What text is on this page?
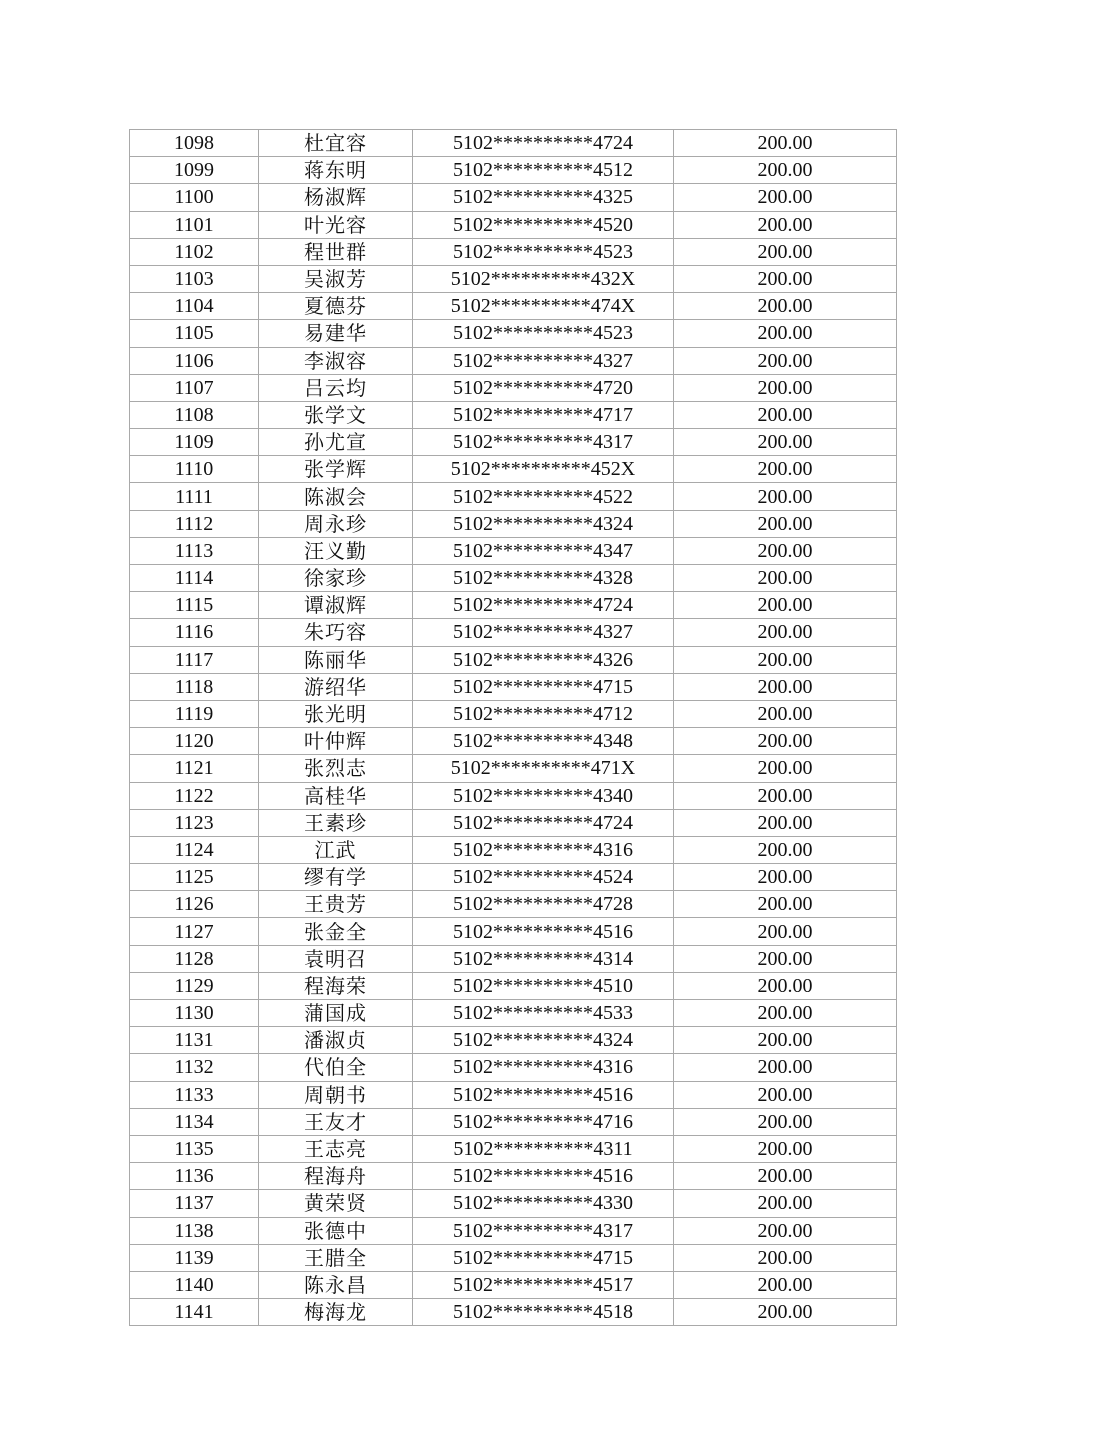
1098	杜宜容	5102**********4724	200.00
1099	蒋东明	5102**********4512	200.00
1100	杨淑辉	5102**********4325	200.00
1101	叶光容	5102**********4520	200.00
1102	程世群	5102**********4523	200.00
1103	吴淑芳	5102**********432X	200.00
1104	夏德芬	5102**********474X	200.00
1105	易建华	5102**********4523	200.00
1106	李淑容	5102**********4327	200.00
1107	吕云均	5102**********4720	200.00
1108	张学文	5102**********4717	200.00
1109	孙尤宣	5102**********4317	200.00
1110	张学辉	5102**********452X	200.00
1111	陈淑会	5102**********4522	200.00
1112	周永珍	5102**********4324	200.00
1113	汪义勤	5102**********4347	200.00
1114	徐家珍	5102**********4328	200.00
1115	谭淑辉	5102**********4724	200.00
1116	朱巧容	5102**********4327	200.00
1117	陈丽华	5102**********4326	200.00
1118	游绍华	5102**********4715	200.00
1119	张光明	5102**********4712	200.00
1120	叶仲辉	5102**********4348	200.00
1121	张烈志	5102**********471X	200.00
1122	高桂华	5102**********4340	200.00
1123	王素珍	5102**********4724	200.00
1124	江武	5102**********4316	200.00
1125	缪有学	5102**********4524	200.00
1126	王贵芳	5102**********4728	200.00
1127	张金全	5102**********4516	200.00
1128	袁明召	5102**********4314	200.00
1129	程海荣	5102**********4510	200.00
1130	蒲国成	5102**********4533	200.00
1131	潘淑贞	5102**********4324	200.00
1132	代伯全	5102**********4316	200.00
1133	周朝书	5102**********4516	200.00
1134	王友才	5102**********4716	200.00
1135	王志亮	5102**********4311	200.00
1136	程海舟	5102**********4516	200.00
1137	黄荣贤	5102**********4330	200.00
1138	张德中	5102**********4317	200.00
1139	王腊全	5102**********4715	200.00
1140	陈永昌	5102**********4517	200.00
1141	梅海龙	5102**********4518	200.00
